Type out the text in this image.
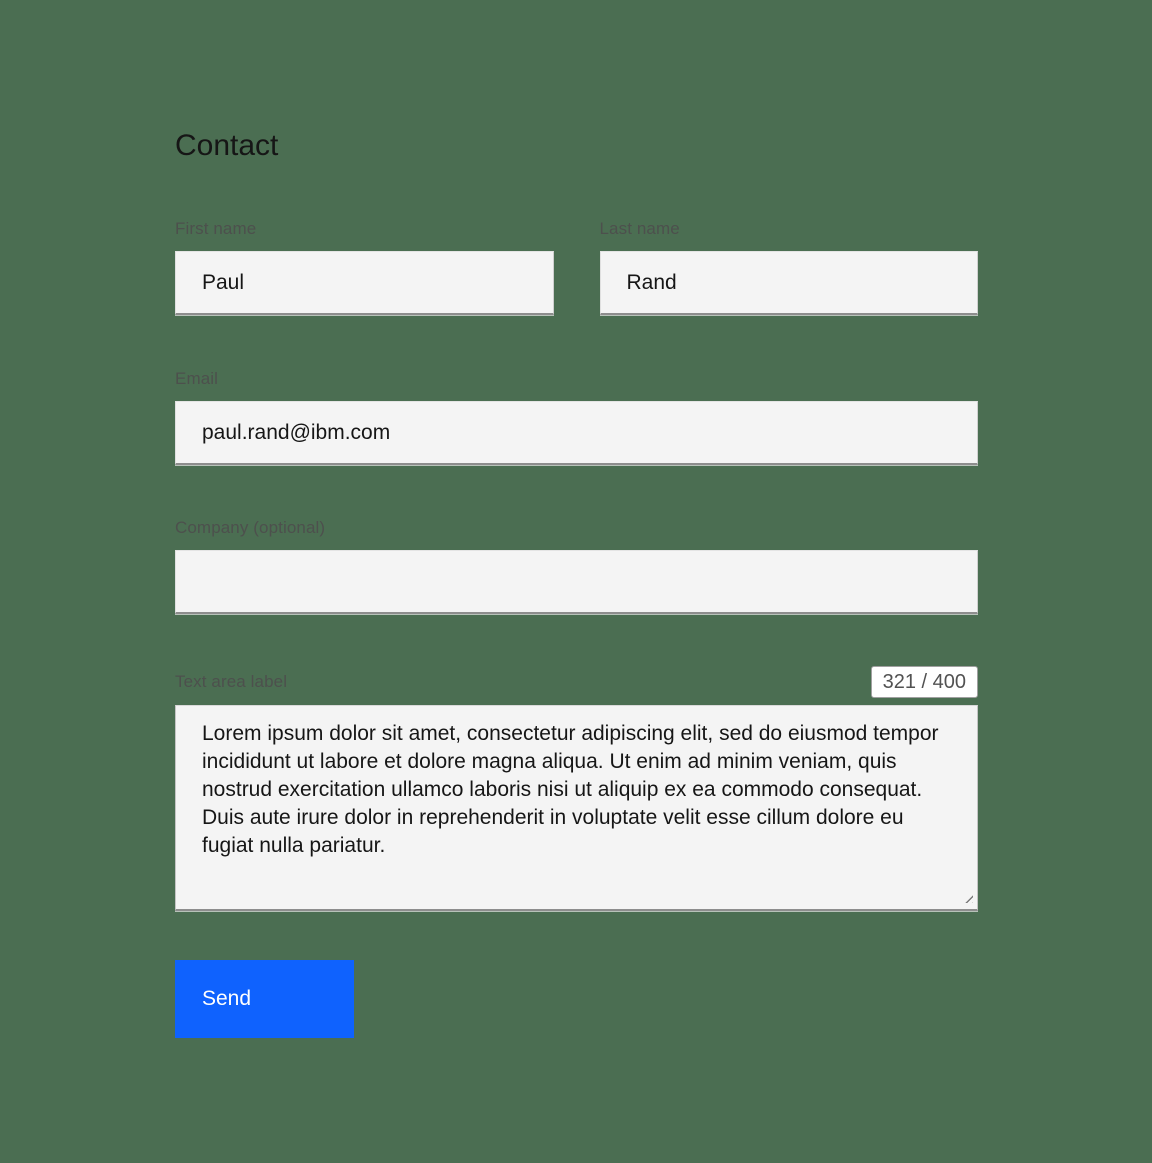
Contact
First name
Paul	Last name
Rand
Email
paul.rand@ibm.com
Company (optional)
Text area label	321 / 400
Lorem ipsum dolor sit amet, consectetur adipiscing elit, sed do eiusmod tempor incididunt ut labore et dolore magna aliqua. Ut enim ad minim veniam, quis nostrud exercitation ullamco laboris nisi ut aliquip ex ea commodo consequat. Duis aute irure dolor in reprehenderit in voluptate velit esse cillum dolore eu fugiat nulla pariatur.
Send
